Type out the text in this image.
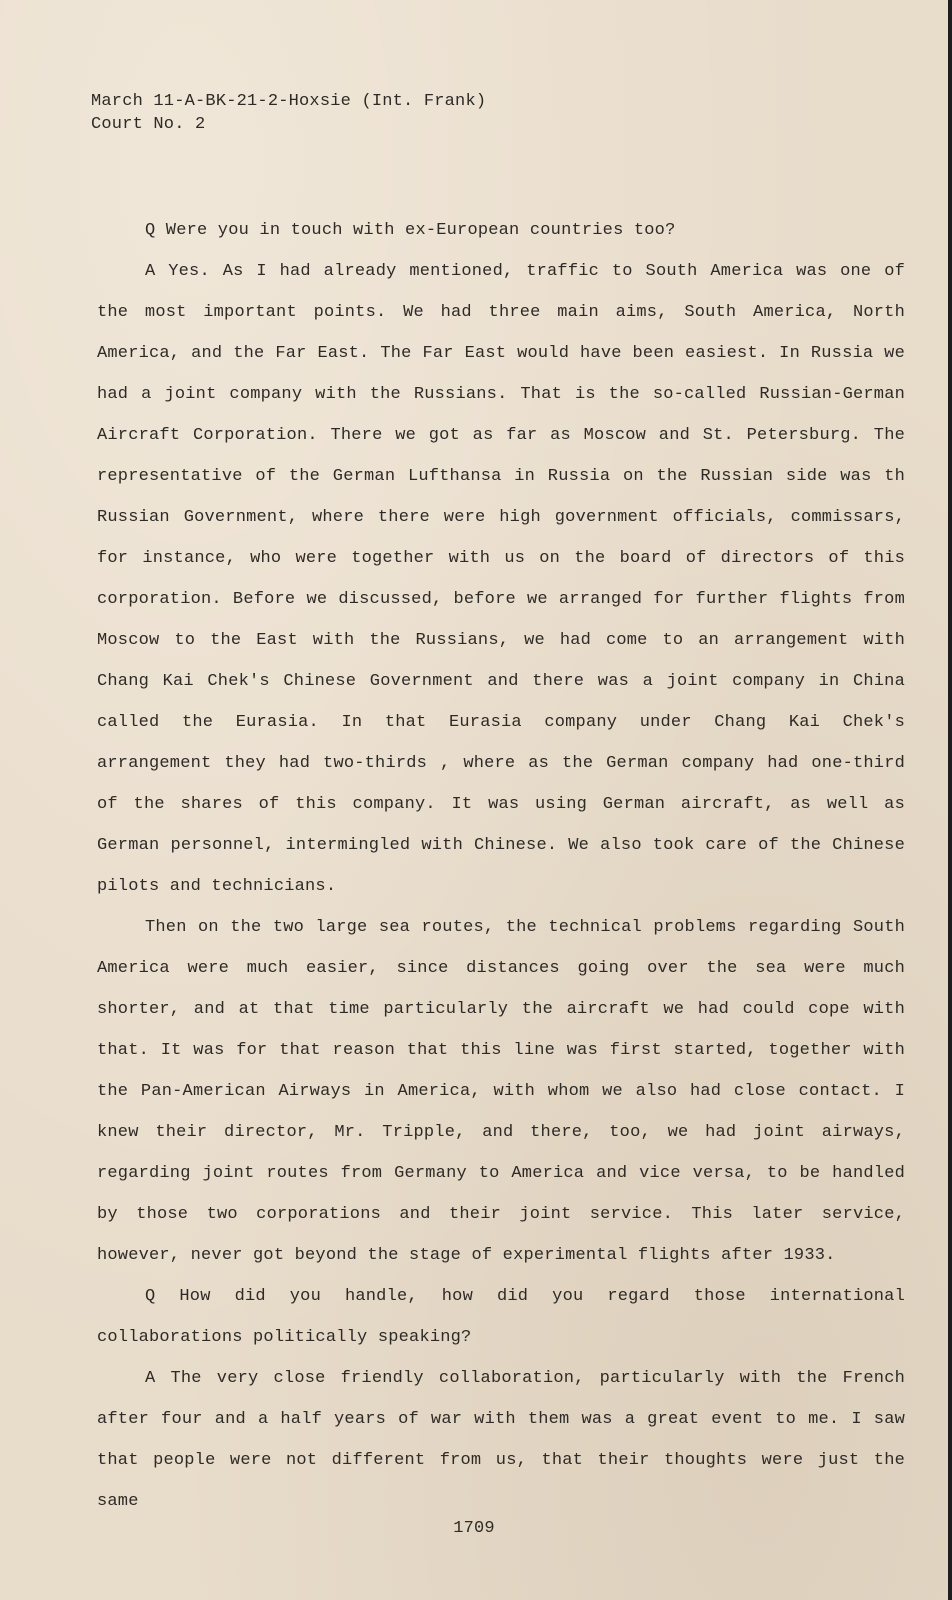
March 11-A-BK-21-2-Hoxsie (Int. Frank)
Court No. 2

Q Were you in touch with ex-European countries too?

A Yes. As I had already mentioned, traffic to South America was one of the most important points. We had three main aims, South America, North America, and the Far East. The Far East would have been easiest. In Russia we had a joint company with the Russians. That is the so-called Russian-German Aircraft Corporation. There we got as far as Moscow and St. Petersburg. The representative of the German Lufthansa in Russia on the Russian side was th Russian Government, where there were high government officials, commissars, for instance, who were together with us on the board of directors of this corporation. Before we discussed, before we arranged for further flights from Moscow to the East with the Russians, we had come to an arrangement with Chang Kai Chek's Chinese Government and there was a joint company in China called the Eurasia. In that Eurasia company under Chang Kai Chek's arrangement they had two-thirds , where as the German company had one-third of the shares of this company. It was using German aircraft, as well as German personnel, intermingled with Chinese. We also took care of the Chinese pilots and technicians.

Then on the two large sea routes, the technical problems regarding South America were much easier, since distances going over the sea were much shorter, and at that time particularly the aircraft we had could cope with that. It was for that reason that this line was first started, together with the Pan-American Airways in America, with whom we also had close contact. I knew their director, Mr. Tripple, and there, too, we had joint airways, regarding joint routes from Germany to America and vice versa, to be handled by those two corporations and their joint service. This later service, however, never got beyond the stage of experimental flights after 1933.

Q How did you handle, how did you regard those international collaborations politically speaking?

A The very close friendly collaboration, particularly with the French after four and a half years of war with them was a great event to me. I saw that people were not different from us, that their thoughts were just the same

1709
